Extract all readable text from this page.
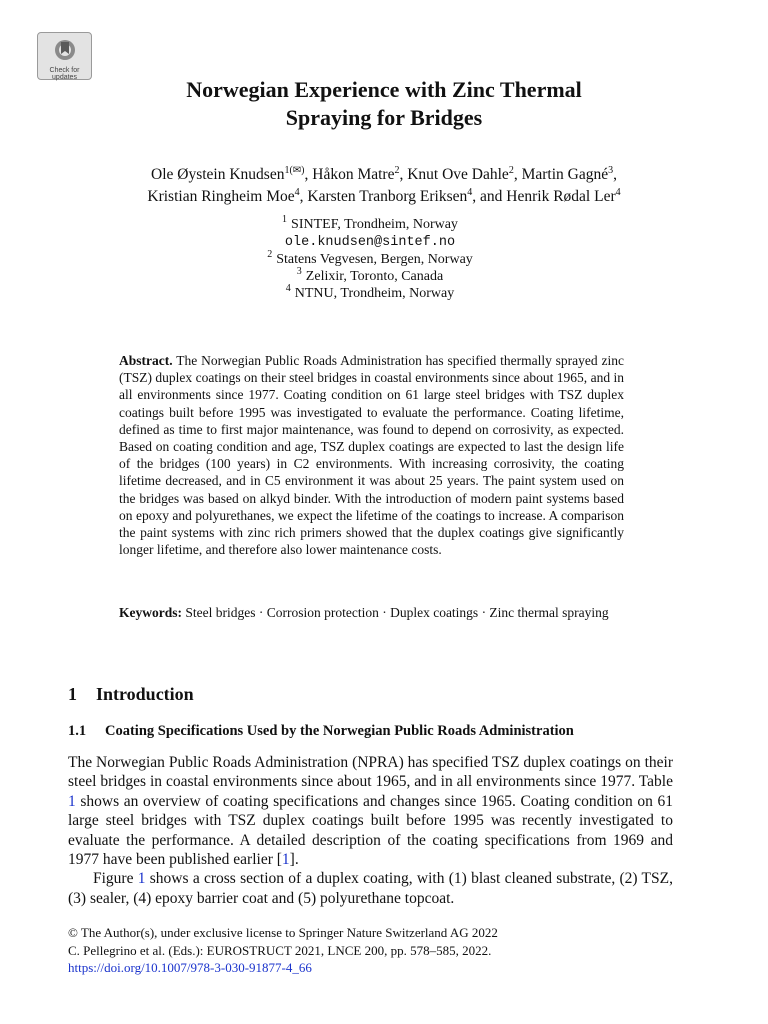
Check for
updates	Norwegian Experience with Zinc Thermal
Spraying for Bridges
Ole Øystein Knudsen$^{1(✉)}$, Håkon Matre$^2$, Knut Ove Dahle$^2$, Martin Gagné$^3$,
Kristian Ringheim Moe$^4$, Karsten Tranborg Eriksen$^4$, and Henrik Rødal Ler$^4$
$^1$ SINTEF, Trondheim, Norway
ole.knudsen@sintef.no
$^2$ Statens Vegvesen, Bergen, Norway
$^3$ Zelixir, Toronto, Canada
$^4$ NTNU, Trondheim, Norway

Abstract. The Norwegian Public Roads Administration has specified thermally sprayed zinc (TSZ) duplex coatings on their steel bridges in coastal environments since about 1965, and in all environments since 1977. Coating condition on 61 large steel bridges with TSZ duplex coatings built before 1995 was investigated to evaluate the performance. Coating lifetime, defined as time to first major maintenance, was found to depend on corrosivity, as expected. Based on coating condition and age, TSZ duplex coatings are expected to last the design life of the bridges (100 years) in C2 environments. With increasing corrosivity, the coating lifetime decreased, and in C5 environment it was about 25 years. The paint system used on the bridges was based on alkyd binder. With the introduction of modern paint systems based on epoxy and polyurethanes, we expect the lifetime of the coatings to increase. A comparison the paint systems with zinc rich primers showed that the duplex coatings give significantly longer lifetime, and therefore also lower maintenance costs.

Keywords: Steel bridges · Corrosion protection · Duplex coatings · Zinc thermal spraying

1 Introduction
1.1 Coating Specifications Used by the Norwegian Public Roads Administration

The Norwegian Public Roads Administration (NPRA) has specified TSZ duplex coatings on their steel bridges in coastal environments since about 1965, and in all environments since 1977. Table 1 shows an overview of coating specifications and changes since 1965. Coating condition on 61 large steel bridges with TSZ duplex coatings built before 1995 was recently investigated to evaluate the performance. A detailed description of the coating specifications from 1969 and 1977 have been published earlier [1].

Figure 1 shows a cross section of a duplex coating, with (1) blast cleaned substrate, (2) TSZ, (3) sealer, (4) epoxy barrier coat and (5) polyurethane topcoat.

© The Author(s), under exclusive license to Springer Nature Switzerland AG 2022
C. Pellegrino et al. (Eds.): EUROSTRUCT 2021, LNCE 200, pp. 578–585, 2022.
https://doi.org/10.1007/978-3-030-91877-4_66
